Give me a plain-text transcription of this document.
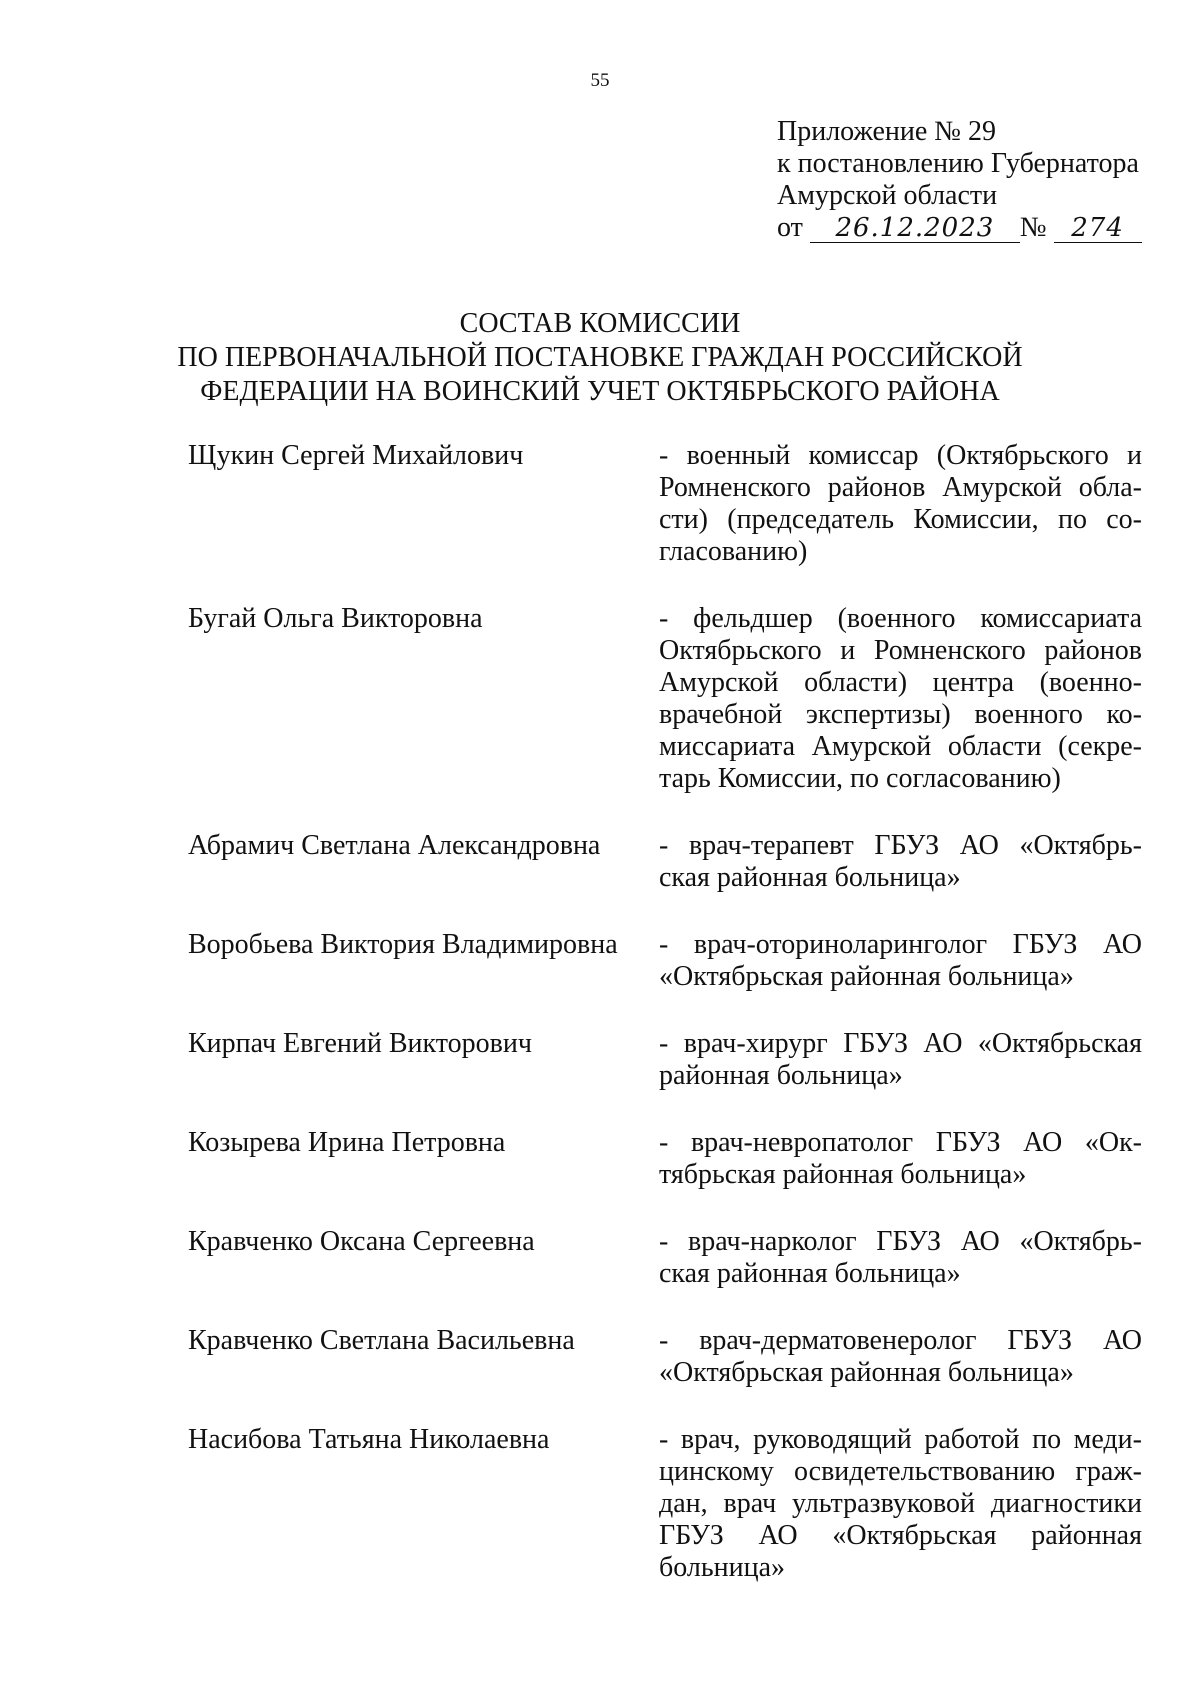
55
Приложение № 29
к постановлению Губернатора
Амурской области
от 26.12.2023 № 274
СОСТАВ КОМИССИИ
ПО ПЕРВОНАЧАЛЬНОЙ ПОСТАНОВКЕ ГРАЖДАН РОССИЙСКОЙ
ФЕДЕРАЦИИ НА ВОИНСКИЙ УЧЕТ ОКТЯБРЬСКОГО РАЙОНА
Щукин Сергей Михайлович	- военный комиссар (Октябрьского и
Ромненского районов Амурской обла-
сти) (председатель Комиссии, по со-
гласованию)
Бугай Ольга Викторовна	- фельдшер (военного комиссариата
Октябрьского и Ромненского районов
Амурской области) центра (военно-
врачебной экспертизы) военного ко-
миссариата Амурской области (секре-
тарь Комиссии, по согласованию)
Абрамич Светлана Александровна	- врач-терапевт ГБУЗ АО «Октябрь-
ская районная больница»
Воробьева Виктория Владимировна	- врач-оториноларинголог ГБУЗ АО
«Октябрьская районная больница»
Кирпач Евгений Викторович	- врач-хирург ГБУЗ АО «Октябрьская
районная больница»
Козырева Ирина Петровна	- врач-невропатолог ГБУЗ АО «Ок-
тябрьская районная больница»
Кравченко Оксана Сергеевна	- врач-нарколог ГБУЗ АО «Октябрь-
ская районная больница»
Кравченко Светлана Васильевна	- врач-дерматовенеролог ГБУЗ АО
«Октябрьская районная больница»
Насибова Татьяна Николаевна	- врач, руководящий работой по меди-
цинскому освидетельствованию граж-
дан, врач ультразвуковой диагностики
ГБУЗ АО «Октябрьская районная
больница»
